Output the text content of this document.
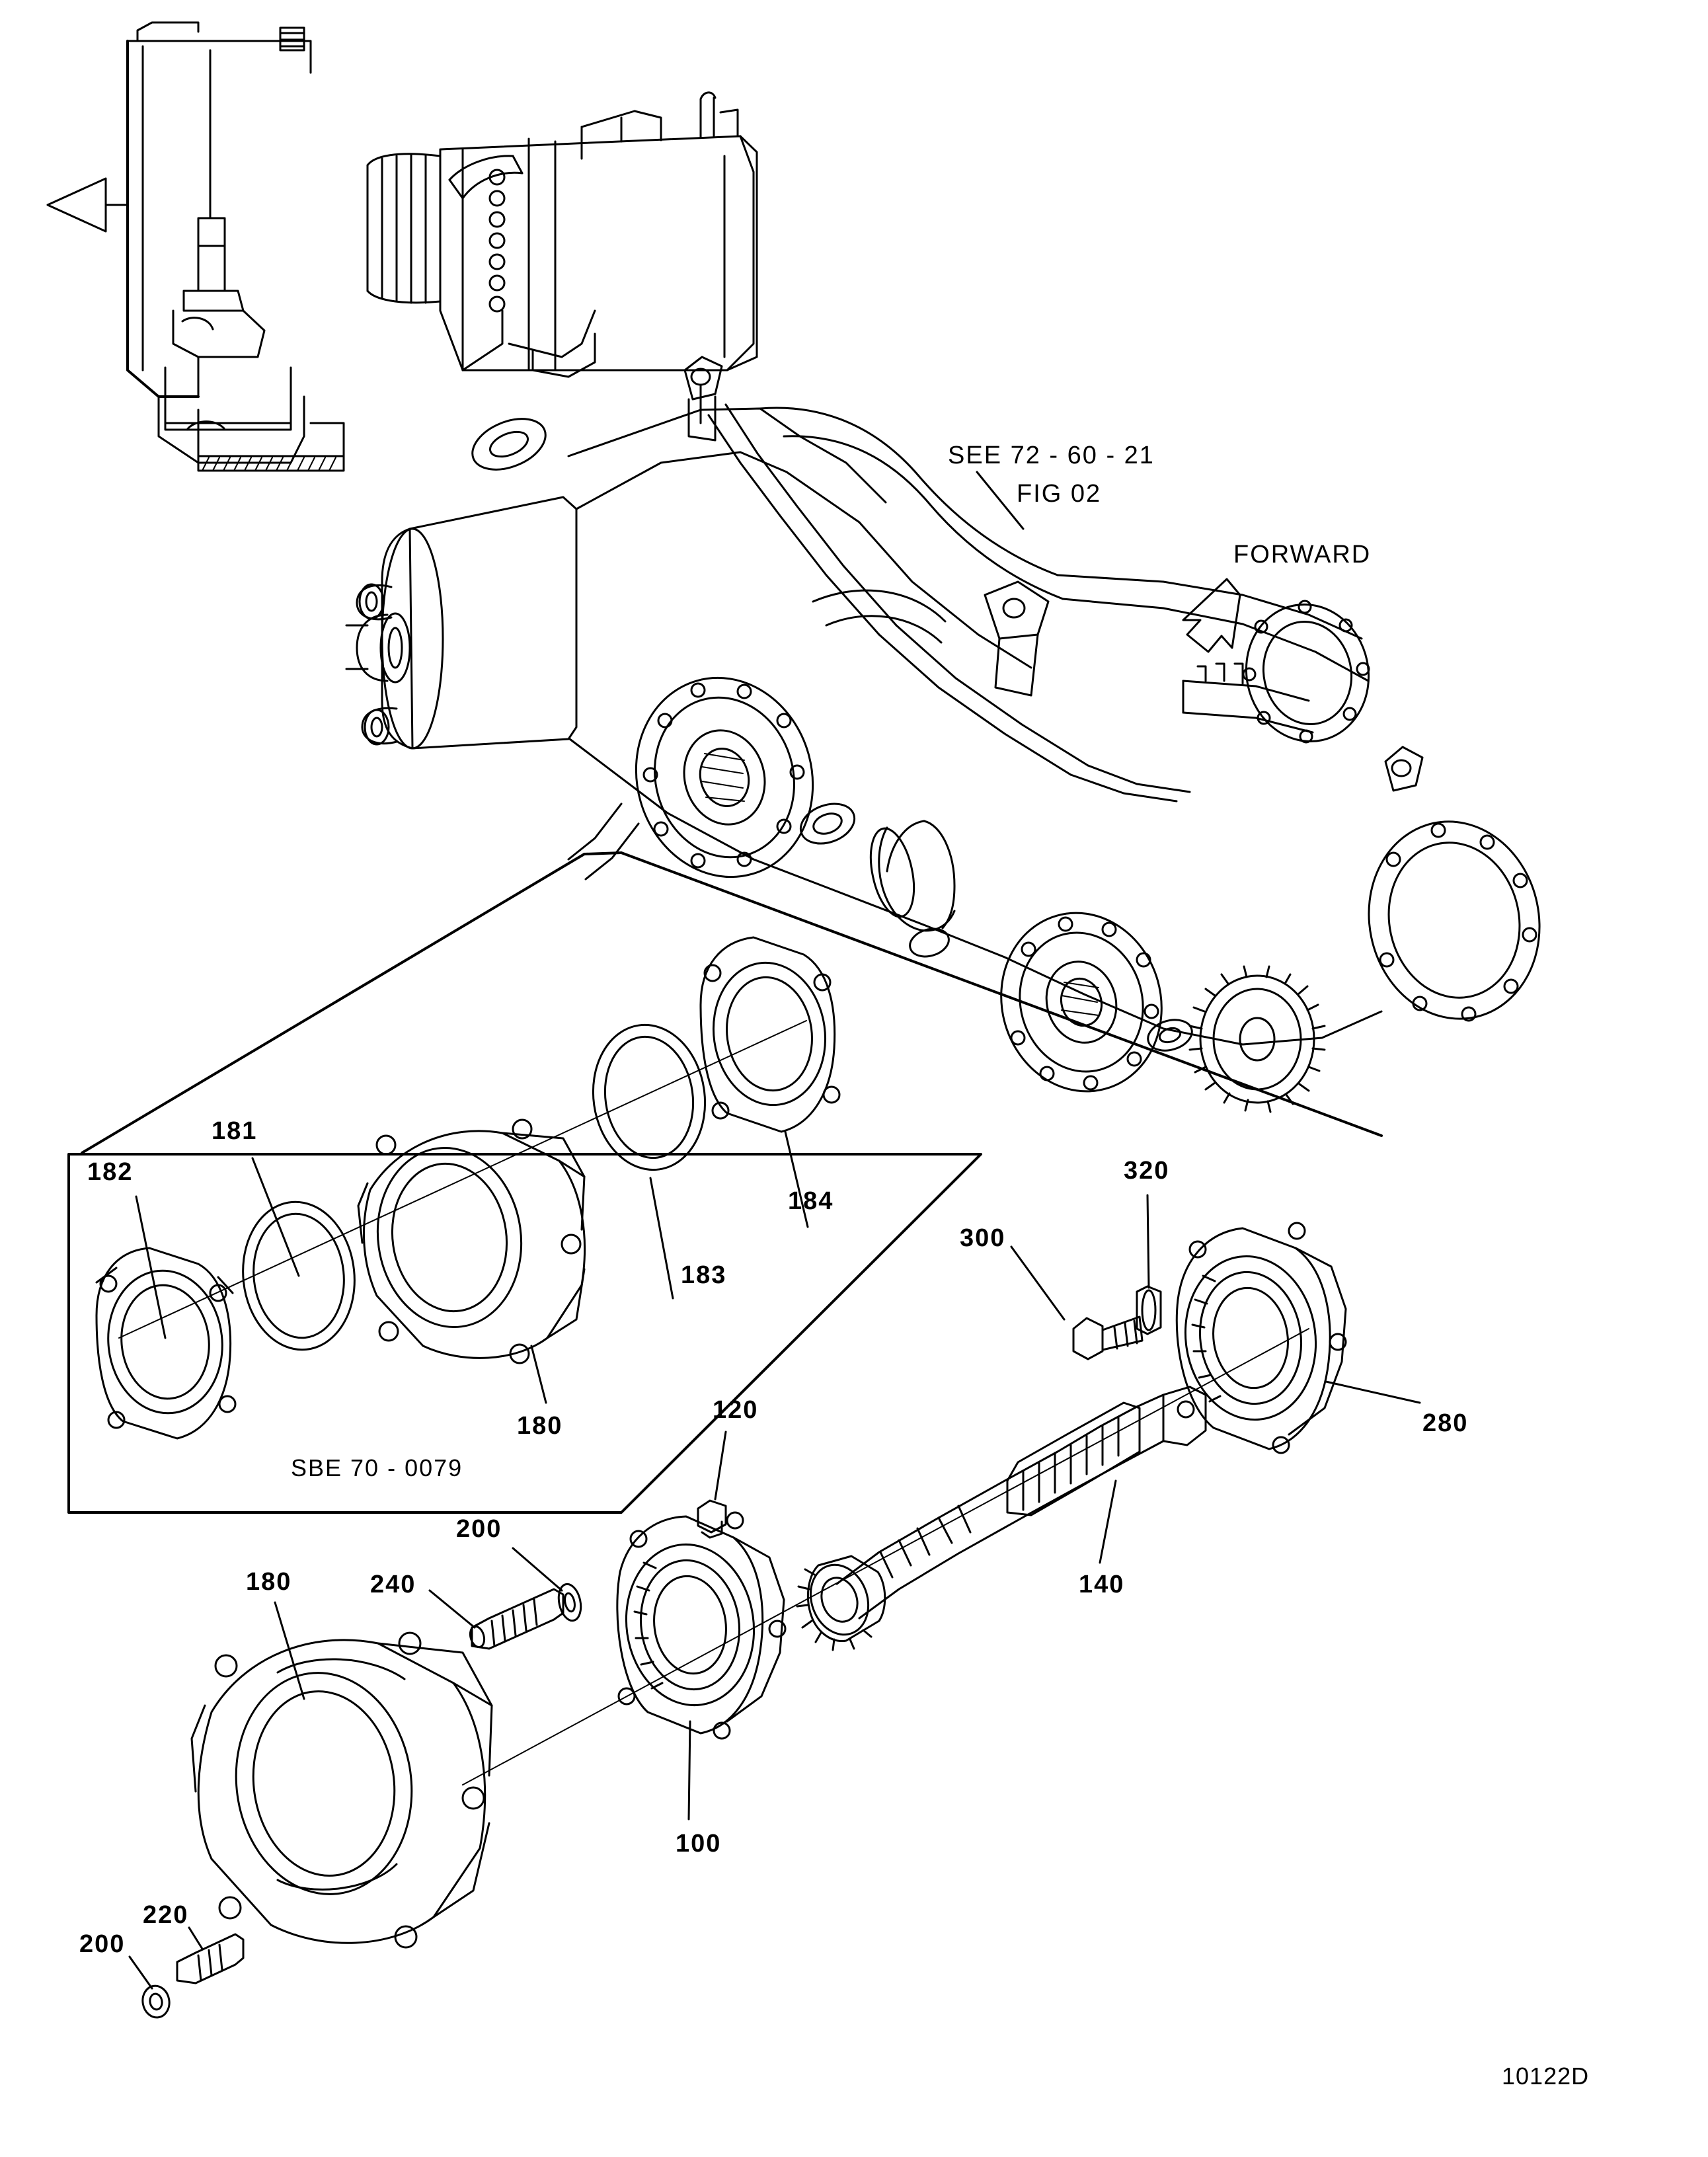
SEE 72 - 60 - 21
FIG 02
FORWARD
SBE 70 - 0079
10122D
182
181
184
183
180
320
300
280
120
140
200
240
180
100
220
200
